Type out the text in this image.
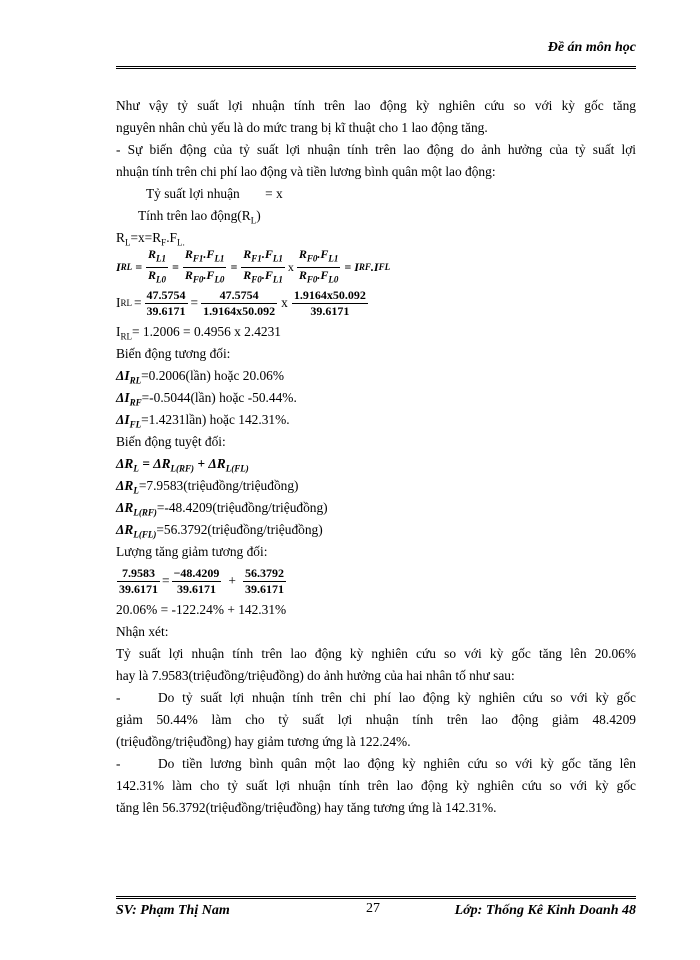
Đề án môn học
Như vậy tỷ suất lợi nhuận tính trên lao động kỳ nghiên cứu so với kỳ gốc tăng
nguyên nhân chủ yếu là do mức trang bị kĩ thuật cho 1 lao động tăng.
- Sự biến động của tỷ suất lợi nhuận tính trên lao động do ảnh hưởng của tỷ suất lợi
nhuận tính trên chi phí lao động và tiền lương bình quân một lao động:
Tỷ suất lợi nhuận = x
Tính trên lao $động(R_L)$
$R_L=x=R_F.F_{L.}$
I RL = $\frac{R_{L1}}{R_{L0}} = \frac{R_{F1}.F_{L1}}{R_{F0}.F_{L0}} = \frac{R_{F1}.F_{L1}}{R_{F0}.F_{L1}}$ x $\frac{R_{F0}.F_{L1}}{R_{F0}.F_{L0}} = I$ RF .I FL
I RL = $\frac{47.5754}{39.6171} = \frac{47.5754}{1.9164x50.092}$ x $\frac{1.9164x50.092}{39.6171}$
$I_{RL}= 1.2006 = 0.4956$ x 2.4231
Biến động tương đối:
$\Delta I_{RL}=0.2006(lần)$ hoặc 20.06%
$\Delta I_{RF}=-0.5044(lần)$ hoặc -50.44%.
$\Delta I_{FL}=1.4231lần$) hoặc 142.31%.
Biến động tuyệt đối:
$\Delta R_L = \Delta R_{L(RF)} + \Delta R_{L(FL)}$
$\Delta R_L=7.9583(triệuđồng/triệuđồng)$
$\Delta R_{L(RF)}=-48.4209(triệuđồng/triệuđồng)$
$\Delta R_{L(FL)}=56.3792(triệuđồng/triệuđồng)$
Lượng tăng giảm tương đối:
$\frac{7.9583}{39.6171} = \frac{-48.4209}{39.6171} + \frac{56.3792}{39.6171}$
20.06% = -122.24% + 142.31%
Nhận xét:
Tỷ suất lợi nhuận tính trên lao động kỳ nghiên cứu so với kỳ gốc tăng lên 20.06%
hay là 7.9583(triệuđồng/triệuđồng) do ảnh hưởng của hai nhân tố như sau:
-	Do tỷ suất lợi nhuận tính trên chi phí lao động kỳ nghiên cứu so với kỳ gốc
giảm 50.44% làm cho tỷ suất lợi nhuận tính trên lao động giảm 48.4209
(triệuđồng/triệuđồng) hay giảm tương ứng là 122.24%.
-	Do tiền lương bình quân một lao động kỳ nghiên cứu so với kỳ gốc tăng lên
142.31% làm cho tỷ suất lợi nhuận tính trên lao động kỳ nghiên cứu so với kỳ gốc
tăng lên 56.3792(triệuđồng/triệuđồng) hay tăng tương ứng là 142.31%.
SV: Phạm Thị Nam	27	Lớp: Thống Kê Kinh Doanh 48
